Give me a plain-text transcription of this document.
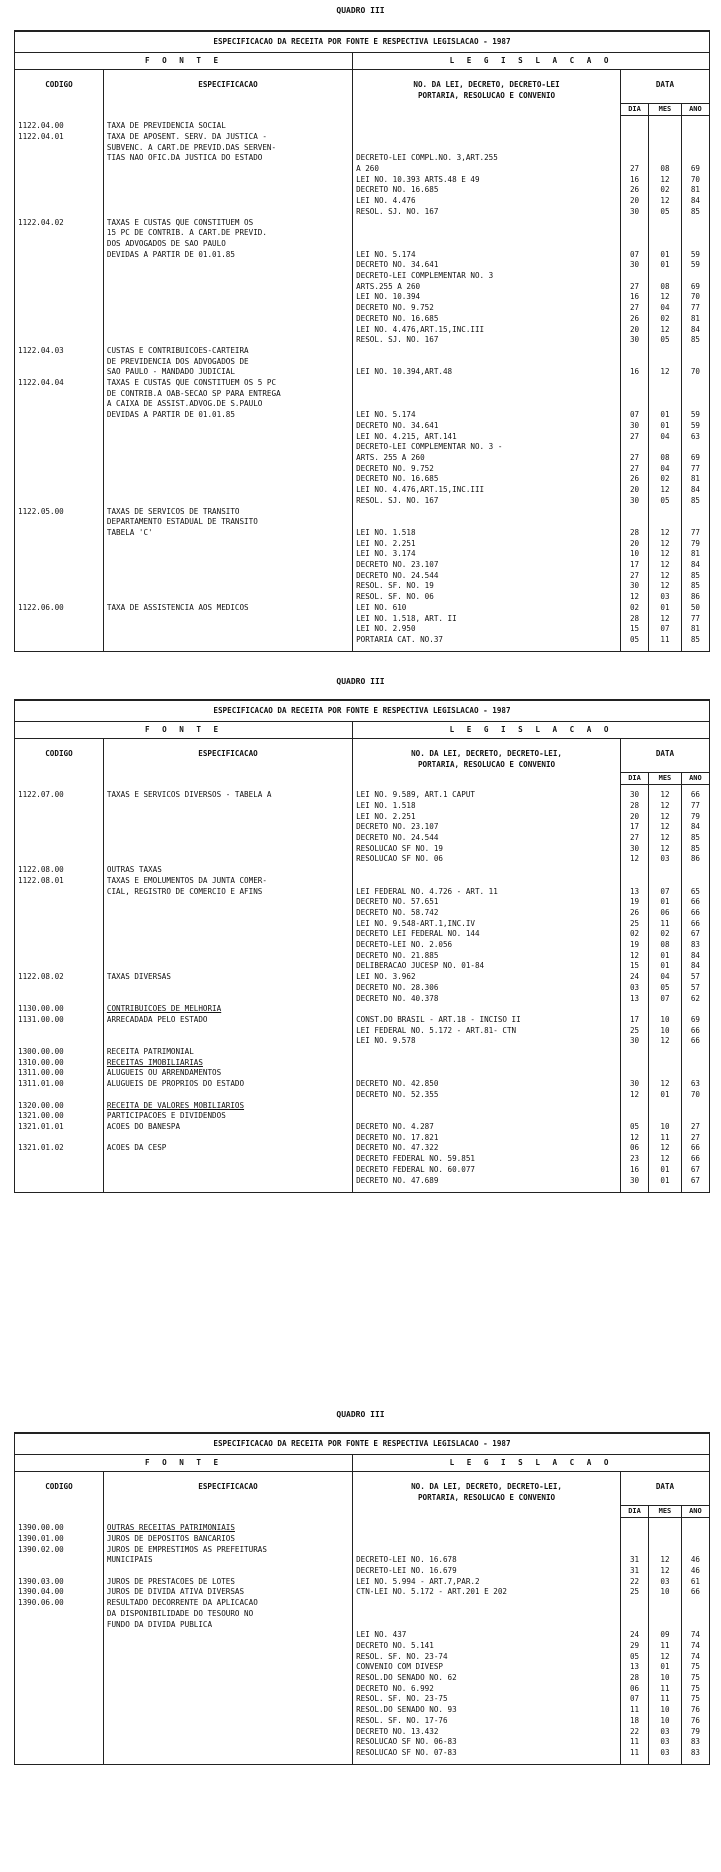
QUADRO III
ESPECIFICACAO DA RECEITA POR FONTE E RESPECTIVA LEGISLACAO - 1987					
F O N T E		L E G I S L A C A O			
CODIGO	ESPECIFICACAO	NO. DA LEI, DECRETO, DECRETO-LEI
PORTARIA, RESOLUCAO E CONVENIO	DATA		
			DIA	MES	ANO

1122.04.00	TAXA DE PREVIDENCIA SOCIAL				
1122.04.01	TAXA DE APOSENT. SERV. DA JUSTICA -				
	SUBVENC. A CART.DE PREVID.DAS SERVEN-				
	TIAS NAO OFIC.DA JUSTICA DO ESTADO	DECRETO-LEI COMPL.NO. 3,ART.255			
		A 260	27	08	69
		LEI NO. 10.393 ARTS.48 E 49	16	12	70
		DECRETO NO. 16.685	26	02	81
		LEI NO. 4.476	20	12	84
		RESOL. SJ. NO. 167	30	05	85
1122.04.02	TAXAS E CUSTAS QUE CONSTITUEM OS				
	15 PC DE CONTRIB. A CART.DE PREVID.				
	DOS ADVOGADOS DE SAO PAULO				
	DEVIDAS A PARTIR DE 01.01.85	LEI NO. 5.174	07	01	59
		DECRETO NO. 34.641	30	01	59
		DECRETO-LEI COMPLEMENTAR NO. 3			
		ARTS.255 A 260	27	08	69
		LEI NO. 10.394	16	12	70
		DECRETO NO. 9.752	27	04	77
		DECRETO NO. 16.685	26	02	81
		LEI NO. 4.476,ART.15,INC.III	20	12	84
		RESOL. SJ. NO. 167	30	05	85
1122.04.03	CUSTAS E CONTRIBUICOES-CARTEIRA				
	DE PREVIDENCIA DOS ADVOGADOS DE				
	SAO PAULO - MANDADO JUDICIAL	LEI NO. 10.394,ART.48	16	12	70
1122.04.04	TAXAS E CUSTAS QUE CONSTITUEM OS 5 PC				
	DE CONTRIB.A OAB-SECAO SP PARA ENTREGA				
	A CAIXA DE ASSIST.ADVOG.DE S.PAULO				
	DEVIDAS A PARTIR DE 01.01.85	LEI NO. 5.174	07	01	59
		DECRETO NO. 34.641	30	01	59
		LEI NO. 4.215, ART.141	27	04	63
		DECRETO-LEI COMPLEMENTAR NO. 3 -			
		ARTS. 255 A 260	27	08	69
		DECRETO NO. 9.752	27	04	77
		DECRETO NO. 16.685	26	02	81
		LEI NO. 4.476,ART.15,INC.III	20	12	84
		RESOL. SJ. NO. 167	30	05	85
1122.05.00	TAXAS DE SERVICOS DE TRANSITO				
	DEPARTAMENTO ESTADUAL DE TRANSITO				
	TABELA 'C'	LEI NO. 1.518	28	12	77
		LEI NO. 2.251	20	12	79
		LEI NO. 3.174	10	12	81
		DECRETO NO. 23.107	17	12	84
		DECRETO NO. 24.544	27	12	85
		RESOL. SF. NO. 19	30	12	85
		RESOL. SF. NO. 06	12	03	86
1122.06.00	TAXA DE ASSISTENCIA AOS MEDICOS	LEI NO. 610	02	01	50
		LEI NO. 1.518, ART. II	28	12	77
		LEI NO. 2.950	15	07	81
		PORTARIA CAT. NO.37	05	11	85

QUADRO III
ESPECIFICACAO DA RECEITA POR FONTE E RESPECTIVA LEGISLACAO - 1987					
F O N T E		L E G I S L A C A O			
CODIGO	ESPECIFICACAO	NO. DA LEI, DECRETO, DECRETO-LEI,
PORTARIA, RESOLUCAO E CONVENIO	DATA		
			DIA	MES	ANO

1122.07.00	TAXAS E SERVICOS DIVERSOS - TABELA A	LEI NO. 9.589, ART.1 CAPUT	30	12	66
		LEI NO. 1.518	28	12	77
		LEI NO. 2.251	20	12	79
		DECRETO NO. 23.107	17	12	84
		DECRETO NO. 24.544	27	12	85
		RESOLUCAO SF NO. 19	30	12	85
		RESOLUCAO SF NO. 06	12	03	86
1122.08.00	OUTRAS TAXAS				
1122.08.01	TAXAS E EMOLUMENTOS DA JUNTA COMER-				
	CIAL, REGISTRO DE COMERCIO E AFINS	LEI FEDERAL NO. 4.726 - ART. 11	13	07	65
		DECRETO NO. 57.651	19	01	66
		DECRETO NO. 58.742	26	06	66
		LEI NO. 9.548-ART.1,INC.IV	25	11	66
		DECRETO LEI FEDERAL NO. 144	02	02	67
		DECRETO-LEI NO. 2.056	19	08	83
		DECRETO NO. 21.885	12	01	84
		DELIBERACAO JUCESP NO. 01-84	15	01	84
1122.08.02	TAXAS DIVERSAS	LEI NO. 3.962	24	04	57
		DECRETO NO. 28.306	03	05	57
		DECRETO NO. 40.378	13	07	62
1130.00.00	CONTRIBUICOES DE MELHORIA				
1131.00.00	ARRECADADA PELO ESTADO	CONST.DO BRASIL - ART.18 - INCISO II	17	10	69
		LEI FEDERAL NO. 5.172 - ART.81- CTN	25	10	66
		LEI NO. 9.578	30	12	66
1300.00.00	RECEITA PATRIMONIAL				
1310.00.00	RECEITAS IMOBILIARIAS				
1311.00.00	ALUGUEIS OU ARRENDAMENTOS				
1311.01.00	ALUGUEIS DE PROPRIOS DO ESTADO	DECRETO NO. 42.850	30	12	63
		DECRETO NO. 52.355	12	01	70
1320.00.00	RECEITA DE VALORES MOBILIARIOS				
1321.00.00	PARTICIPACOES E DIVIDENDOS				
1321.01.01	ACOES DO BANESPA	DECRETO NO. 4.287	05	10	27
		DECRETO NO. 17.821	12	11	27
1321.01.02	ACOES DA CESP	DECRETO NO. 47.322	06	12	66
		DECRETO FEDERAL NO. 59.851	23	12	66
		DECRETO FEDERAL NO. 60.077	16	01	67
		DECRETO NO. 47.689	30	01	67

QUADRO III
ESPECIFICACAO DA RECEITA POR FONTE E RESPECTIVA LEGISLACAO - 1987					
F O N T E		L E G I S L A C A O			
CODIGO	ESPECIFICACAO	NO. DA LEI, DECRETO, DECRETO-LEI,
PORTARIA, RESOLUCAO E CONVENIO	DATA		
			DIA	MES	ANO

1390.00.00	OUTRAS RECEITAS PATRIMONIAIS				
1390.01.00	JUROS DE DEPOSITOS BANCARIOS				
1390.02.00	JUROS DE EMPRESTIMOS AS PREFEITURAS				
	MUNICIPAIS	DECRETO-LEI NO. 16.678	31	12	46
		DECRETO-LEI NO. 16.679	31	12	46
1390.03.00	JUROS DE PRESTACOES DE LOTES	LEI NO. 5.994 - ART.7,PAR.2	22	03	61
1390.04.00	JUROS DE DIVIDA ATIVA DIVERSAS	CTN-LEI NO. 5.172 - ART.201 E 202	25	10	66
1390.06.00	RESULTADO DECORRENTE DA APLICACAO				
	DA DISPONIBILIDADE DO TESOURO NO				
	FUNDO DA DIVIDA PUBLICA				
		LEI NO. 437	24	09	74
		DECRETO NO. 5.141	29	11	74
		RESOL. SF. NO. 23-74	05	12	74
		CONVENIO COM DIVESP	13	01	75
		RESOL.DO SENADO NO. 62	28	10	75
		DECRETO NO. 6.992	06	11	75
		RESOL. SF. NO. 23-75	07	11	75
		RESOL.DO SENADO NO. 93	11	10	76
		RESOL. SF. NO. 17-76	18	10	76
		DECRETO NO. 13.432	22	03	79
		RESOLUCAO SF NO. 06-83	11	03	83
		RESOLUCAO SF NO. 07-83	11	03	83
